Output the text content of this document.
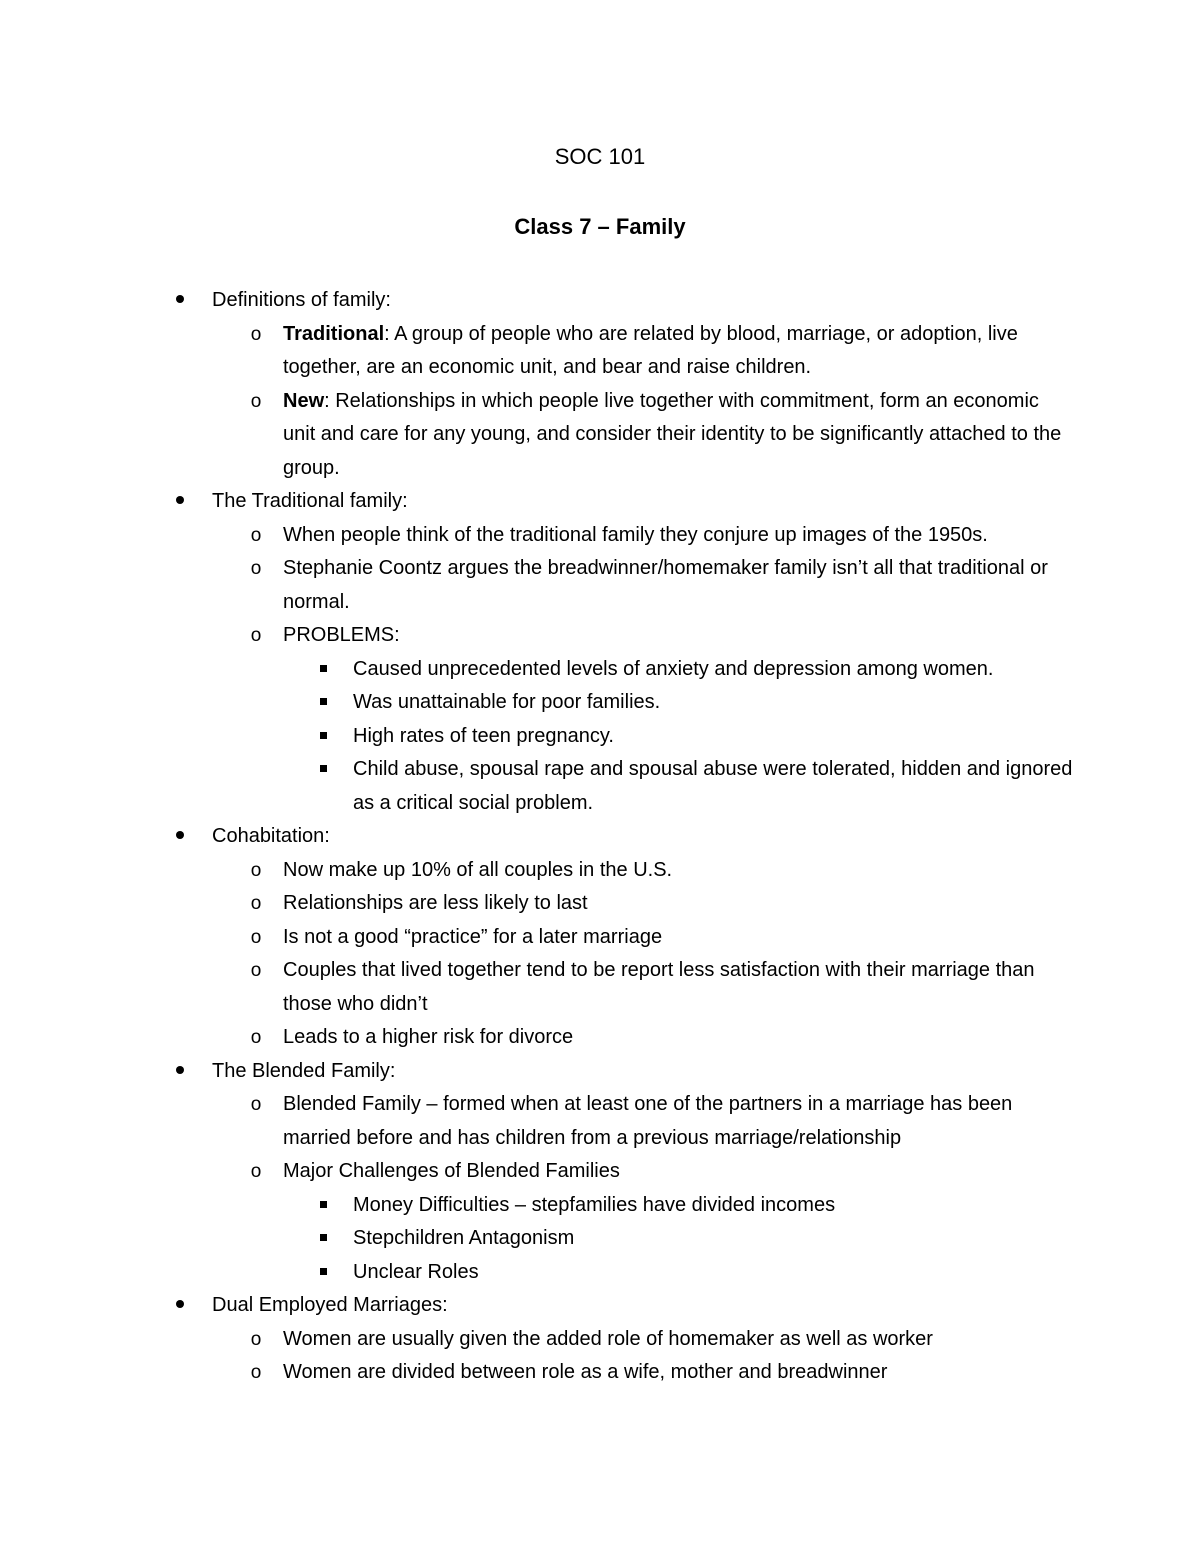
SOC 101
Class 7 – Family
Definitions of family:
o Traditional: A group of people who are related by blood, marriage, or adoption, live together, are an economic unit, and bear and raise children.
o New: Relationships in which people live together with commitment, form an economic unit and care for any young, and consider their identity to be significantly attached to the group.
The Traditional family:
o When people think of the traditional family they conjure up images of the 1950s.
o Stephanie Coontz argues the breadwinner/homemaker family isn’t all that traditional or normal.
o PROBLEMS:
Caused unprecedented levels of anxiety and depression among women.
Was unattainable for poor families.
High rates of teen pregnancy.
Child abuse, spousal rape and spousal abuse were tolerated, hidden and ignored as a critical social problem.
Cohabitation:
o Now make up 10% of all couples in the U.S.
o Relationships are less likely to last
o Is not a good “practice” for a later marriage
o Couples that lived together tend to be report less satisfaction with their marriage than those who didn’t
o Leads to a higher risk for divorce
The Blended Family:
o Blended Family – formed when at least one of the partners in a marriage has been married before and has children from a previous marriage/relationship
o Major Challenges of Blended Families
Money Difficulties – stepfamilies have divided incomes
Stepchildren Antagonism
Unclear Roles
Dual Employed Marriages:
o Women are usually given the added role of homemaker as well as worker
o Women are divided between role as a wife, mother and breadwinner
